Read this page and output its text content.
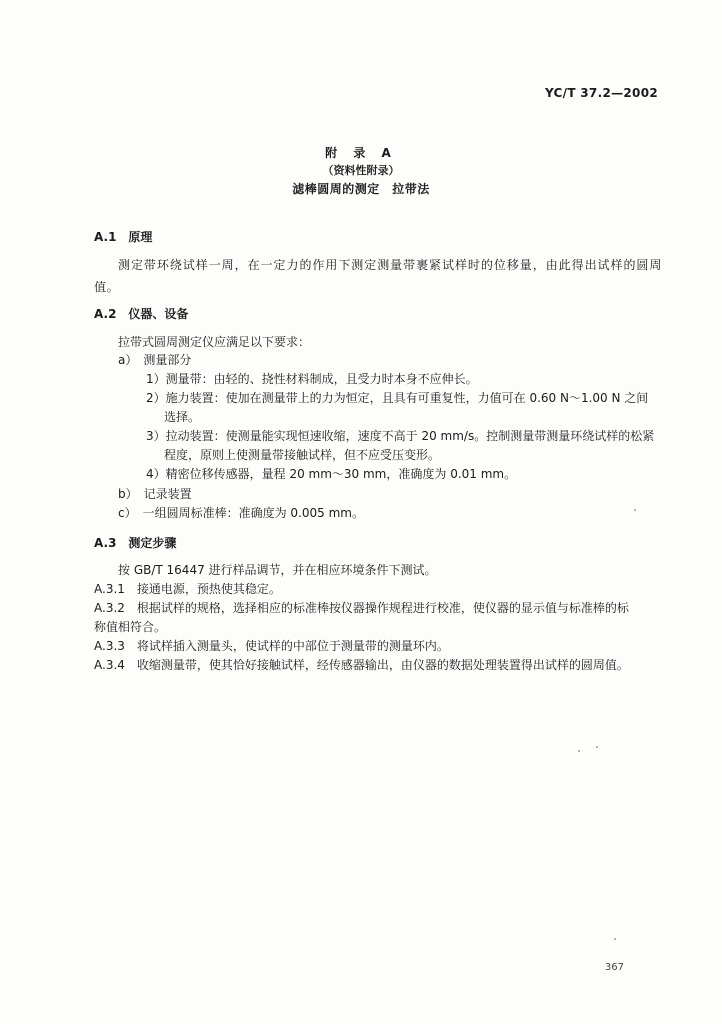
YC/T 37.2—2002
附 录 A
（资料性附录）
滤棒圆周的测定　拉带法
A.1　原理
测定带环绕试样一周，在一定力的作用下测定测量带裹紧试样时的位移量，由此得出试样的圆周值。
A.2　仪器、设备
拉带式圆周测定仪应满足以下要求：
a）　测量部分
1）测量带：由轻的、挠性材料制成，且受力时本身不应伸长。
2）施力装置：使加在测量带上的力为恒定，且具有可重复性，力值可在 0.60 N～1.00 N 之间
选择。
3）拉动装置：使测量能实现恒速收缩，速度不高于 20 mm/s。控制测量带测量环绕试样的松紧
程度，原则上使测量带接触试样，但不应受压变形。
4）精密位移传感器，量程 20 mm～30 mm，准确度为 0.01 mm。
b）　记录装置
c）　一组圆周标准棒：准确度为 0.005 mm。
A.3　测定步骤
按 GB/T 16447 进行样品调节，并在相应环境条件下测试。
A.3.1　接通电源，预热使其稳定。
A.3.2　根据试样的规格，选择相应的标准棒按仪器操作规程进行校准，使仪器的显示值与标准棒的标
称值相符合。
A.3.3　将试样插入测量头，使试样的中部位于测量带的测量环内。
A.3.4　收缩测量带，使其恰好接触试样，经传感器输出，由仪器的数据处理装置得出试样的圆周值。
367
